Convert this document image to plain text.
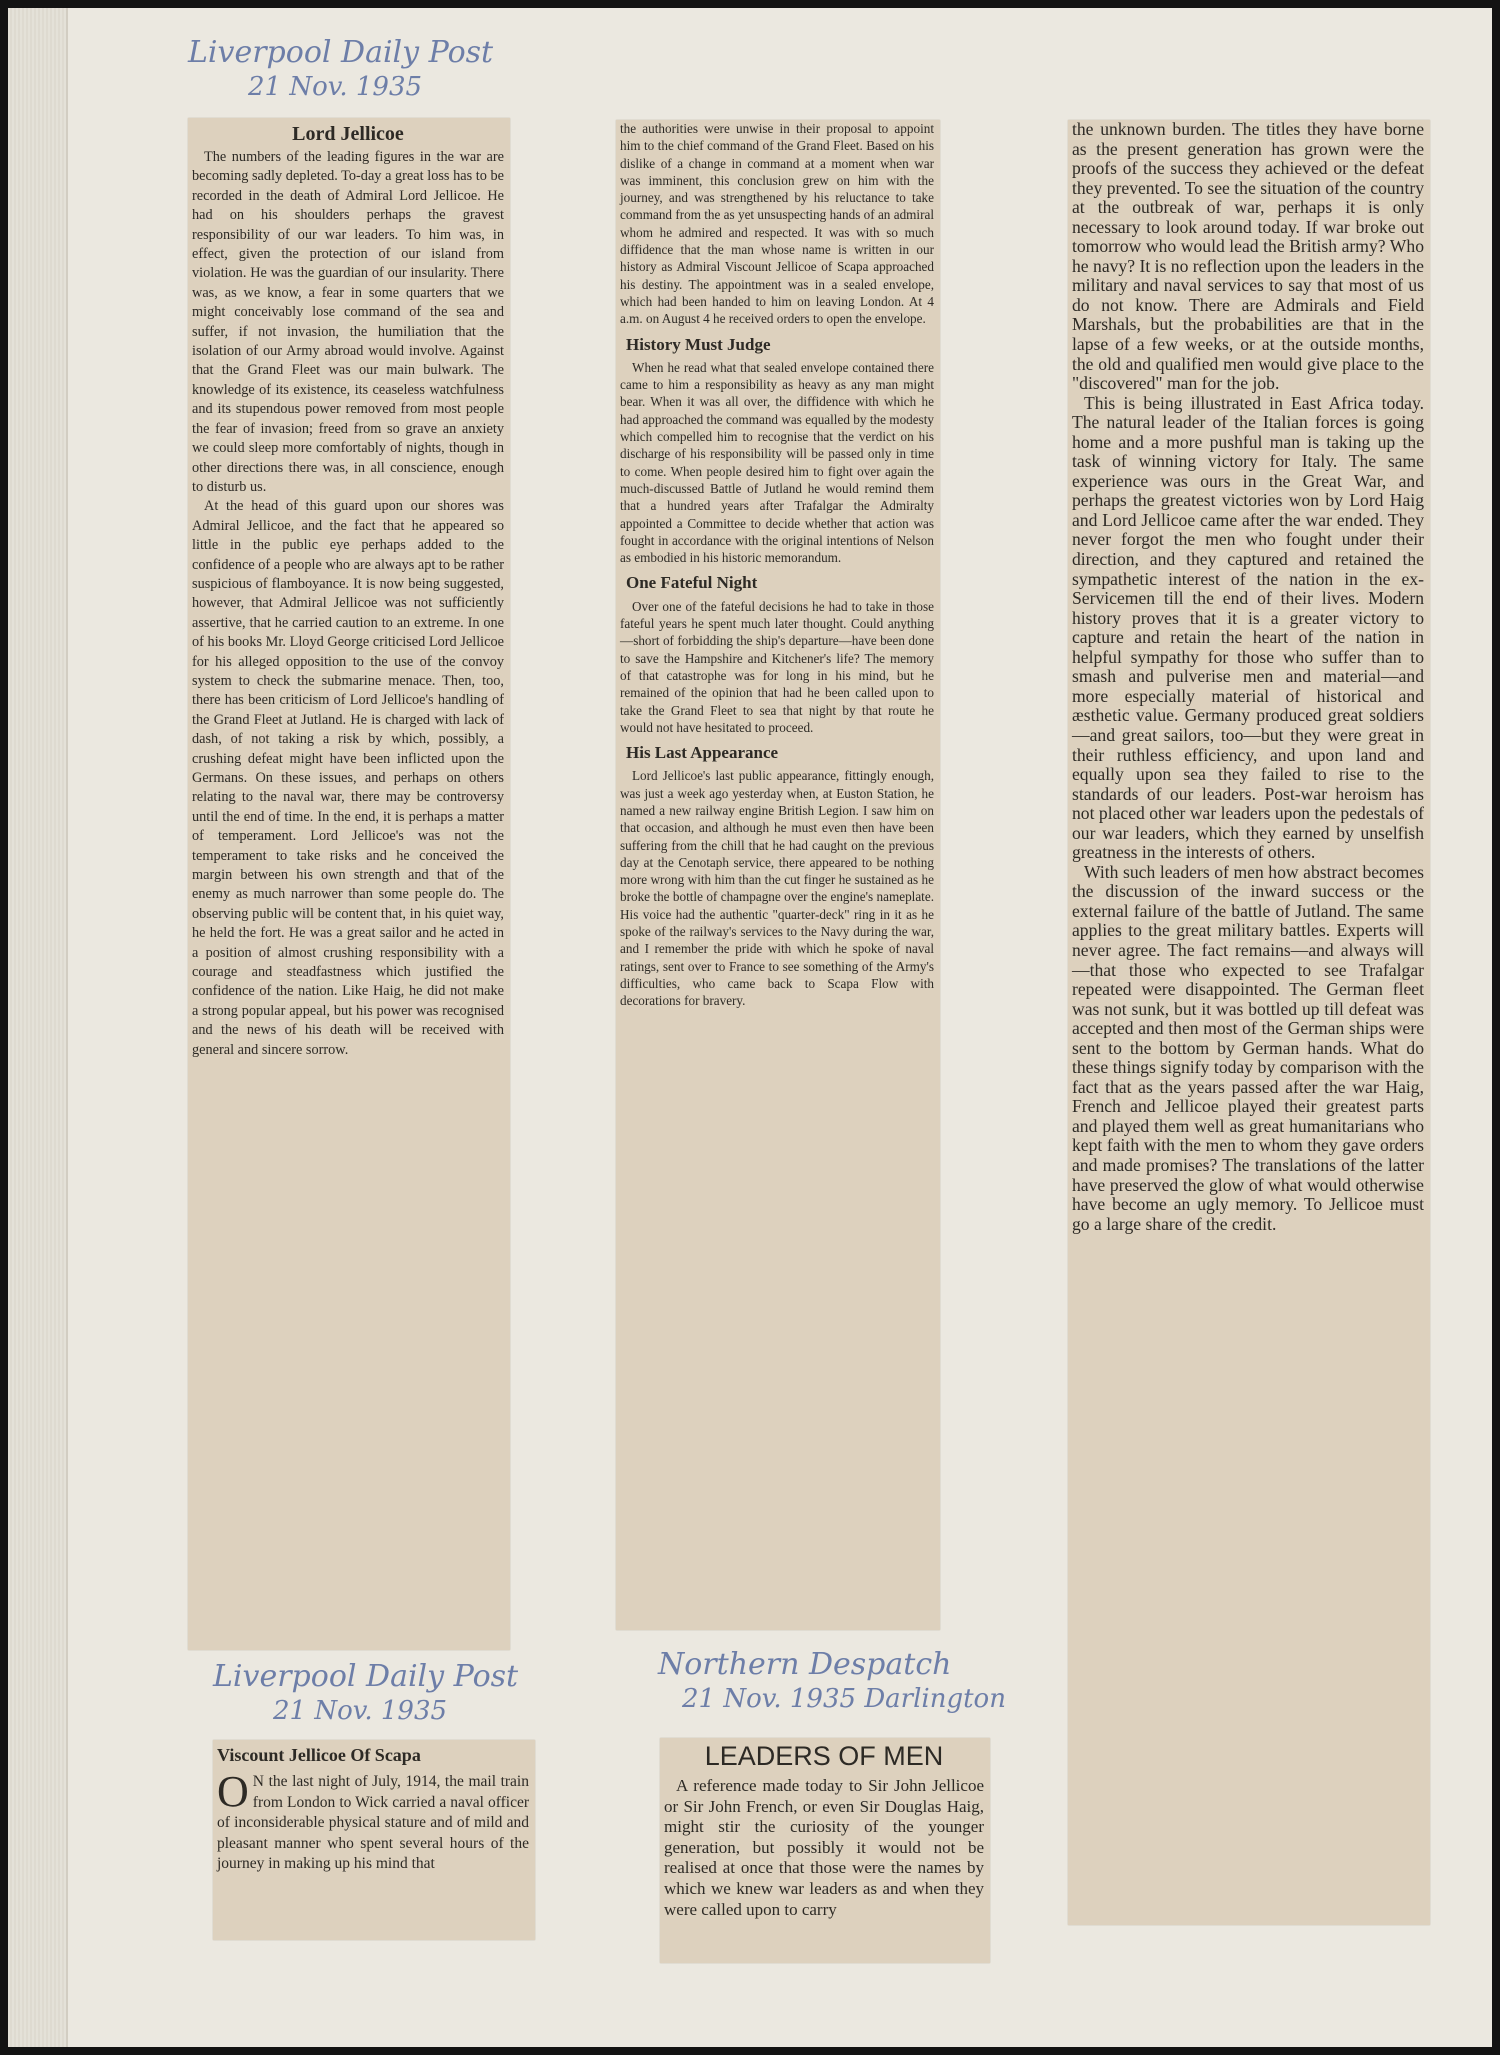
Liverpool Daily Post
21 Nov. 1935
Liverpool Daily Post
21 Nov. 1935
Northern Despatch
21 Nov. 1935 Darlington
Lord Jellicoe

The numbers of the leading figures in the war are becoming sadly depleted. To-day a great loss has to be recorded in the death of Admiral Lord Jellicoe. He had on his shoulders perhaps the gravest responsibility of our war leaders. To him was, in effect, given the protection of our island from violation. He was the guardian of our insularity. There was, as we know, a fear in some quarters that we might conceivably lose command of the sea and suffer, if not invasion, the humiliation that the isolation of our Army abroad would involve. Against that the Grand Fleet was our main bulwark. The knowledge of its existence, its ceaseless watchfulness and its stupendous power removed from most people the fear of invasion; freed from so grave an anxiety we could sleep more comfortably of nights, though in other directions there was, in all conscience, enough to disturb us.

At the head of this guard upon our shores was Admiral Jellicoe, and the fact that he appeared so little in the public eye perhaps added to the confidence of a people who are always apt to be rather suspicious of flamboyance. It is now being suggested, however, that Admiral Jellicoe was not sufficiently assertive, that he carried caution to an extreme. In one of his books Mr. Lloyd George criticised Lord Jellicoe for his alleged opposition to the use of the convoy system to check the submarine menace. Then, too, there has been criticism of Lord Jellicoe's handling of the Grand Fleet at Jutland. He is charged with lack of dash, of not taking a risk by which, possibly, a crushing defeat might have been inflicted upon the Germans. On these issues, and perhaps on others relating to the naval war, there may be controversy until the end of time. In the end, it is perhaps a matter of temperament. Lord Jellicoe's was not the temperament to take risks and he conceived the margin between his own strength and that of the enemy as much narrower than some people do. The observing public will be content that, in his quiet way, he held the fort. He was a great sailor and he acted in a position of almost crushing responsibility with a courage and steadfastness which justified the confidence of the nation. Like Haig, he did not make a strong popular appeal, but his power was recognised and the news of his death will be received with general and sincere sorrow.

the authorities were unwise in their proposal to appoint him to the chief command of the Grand Fleet. Based on his dislike of a change in command at a moment when war was imminent, this conclusion grew on him with the journey, and was strengthened by his reluctance to take command from the as yet unsuspecting hands of an admiral whom he admired and respected. It was with so much diffidence that the man whose name is written in our history as Admiral Viscount Jellicoe of Scapa approached his destiny. The appointment was in a sealed envelope, which had been handed to him on leaving London. At 4 a.m. on August 4 he received orders to open the envelope.

History Must Judge

When he read what that sealed envelope contained there came to him a responsibility as heavy as any man might bear. When it was all over, the diffidence with which he had approached the command was equalled by the modesty which compelled him to recognise that the verdict on his discharge of his responsibility will be passed only in time to come. When people desired him to fight over again the much-discussed Battle of Jutland he would remind them that a hundred years after Trafalgar the Admiralty appointed a Committee to decide whether that action was fought in accordance with the original intentions of Nelson as embodied in his historic memorandum.

One Fateful Night

Over one of the fateful decisions he had to take in those fateful years he spent much later thought. Could anything—short of forbidding the ship's departure—have been done to save the Hampshire and Kitchener's life? The memory of that catastrophe was for long in his mind, but he remained of the opinion that had he been called upon to take the Grand Fleet to sea that night by that route he would not have hesitated to proceed.

His Last Appearance

Lord Jellicoe's last public appearance, fittingly enough, was just a week ago yesterday when, at Euston Station, he named a new railway engine British Legion. I saw him on that occasion, and although he must even then have been suffering from the chill that he had caught on the previous day at the Cenotaph service, there appeared to be nothing more wrong with him than the cut finger he sustained as he broke the bottle of champagne over the engine's nameplate. His voice had the authentic "quarter-deck" ring in it as he spoke of the railway's services to the Navy during the war, and I remember the pride with which he spoke of naval ratings, sent over to France to see something of the Army's difficulties, who came back to Scapa Flow with decorations for bravery.

the unknown burden. The titles they have borne as the present generation has grown were the proofs of the success they achieved or the defeat they prevented. To see the situation of the country at the outbreak of war, perhaps it is only necessary to look around today. If war broke out tomorrow who would lead the British army? Who he navy? It is no reflection upon the leaders in the military and naval services to say that most of us do not know. There are Admirals and Field Marshals, but the probabilities are that in the lapse of a few weeks, or at the outside months, the old and qualified men would give place to the "discovered" man for the job.

This is being illustrated in East Africa today. The natural leader of the Italian forces is going home and a more pushful man is taking up the task of winning victory for Italy. The same experience was ours in the Great War, and perhaps the greatest victories won by Lord Haig and Lord Jellicoe came after the war ended. They never forgot the men who fought under their direction, and they captured and retained the sympathetic interest of the nation in the ex-Servicemen till the end of their lives. Modern history proves that it is a greater victory to capture and retain the heart of the nation in helpful sympathy for those who suffer than to smash and pulverise men and material—and more especially material of historical and æsthetic value. Germany produced great soldiers—and great sailors, too—but they were great in their ruthless efficiency, and upon land and equally upon sea they failed to rise to the standards of our leaders. Post-war heroism has not placed other war leaders upon the pedestals of our war leaders, which they earned by unselfish greatness in the interests of others.

With such leaders of men how abstract becomes the discussion of the inward success or the external failure of the battle of Jutland. The same applies to the great military battles. Experts will never agree. The fact remains—and always will—that those who expected to see Trafalgar repeated were disappointed. The German fleet was not sunk, but it was bottled up till defeat was accepted and then most of the German ships were sent to the bottom by German hands. What do these things signify today by comparison with the fact that as the years passed after the war Haig, French and Jellicoe played their greatest parts and played them well as great humanitarians who kept faith with the men to whom they gave orders and made promises? The translations of the latter have preserved the glow of what would otherwise have become an ugly memory. To Jellicoe must go a large share of the credit.

Viscount Jellicoe Of Scapa
O N the last night of July, 1914, the mail train from London to Wick carried a naval officer of inconsiderable physical stature and of mild and pleasant manner who spent several hours of the journey in making up his mind that

LEADERS OF MEN

A reference made today to Sir John Jellicoe or Sir John French, or even Sir Douglas Haig, might stir the curiosity of the younger generation, but possibly it would not be realised at once that those were the names by which we knew war leaders as and when they were called upon to carry
